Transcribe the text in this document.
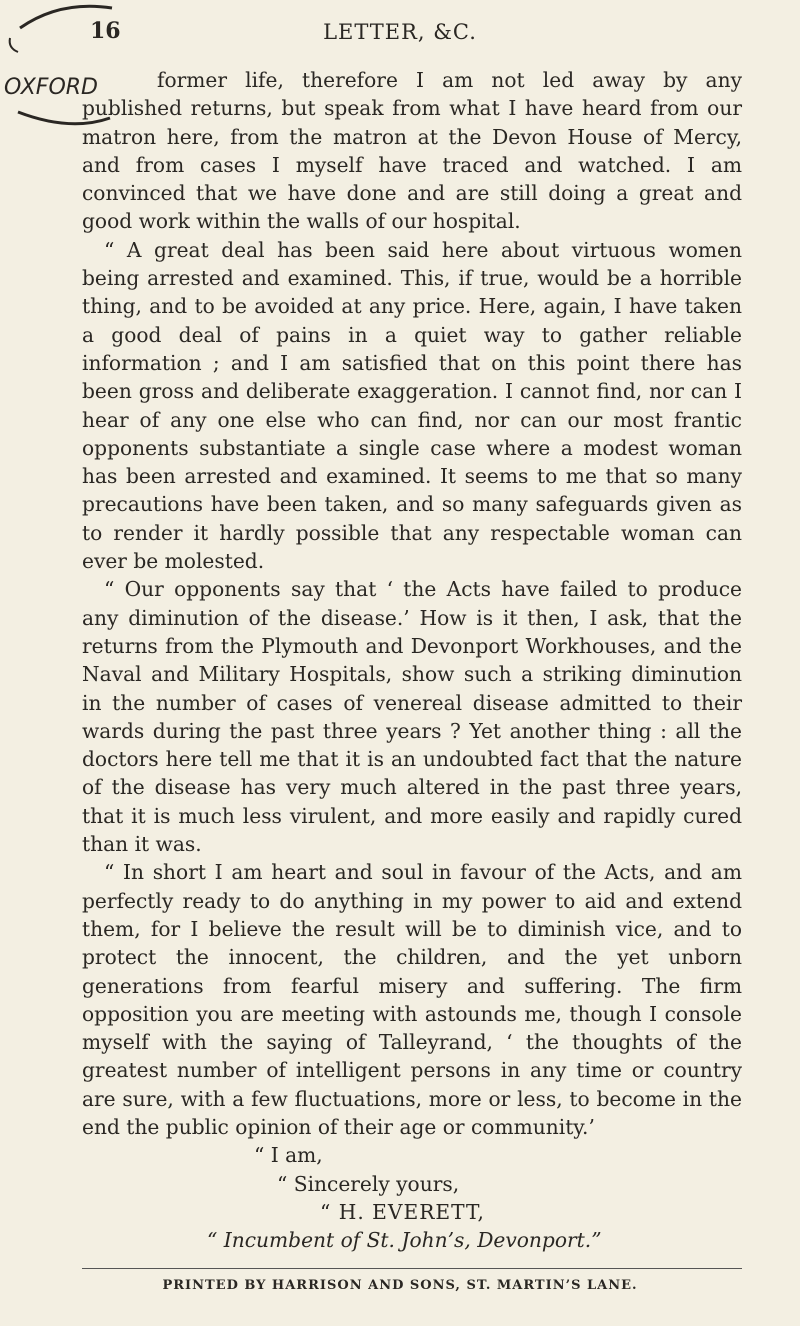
OXFORD
16	LETTER, &C.

former life, therefore I am not led away by any published returns, but speak from what I have heard from our matron here, from the matron at the Devon House of Mercy, and from cases I myself have traced and watched. I am convinced that we have done and are still doing a great and good work within the walls of our hospital.

“ A great deal has been said here about virtuous women being arrested and examined. This, if true, would be a horrible thing, and to be avoided at any price. Here, again, I have taken a good deal of pains in a quiet way to gather reliable information ; and I am satisfied that on this point there has been gross and deliberate exaggeration. I cannot find, nor can I hear of any one else who can find, nor can our most frantic opponents substantiate a single case where a modest woman has been arrested and examined. It seems to me that so many precautions have been taken, and so many safeguards given as to render it hardly possible that any respectable woman can ever be molested.

“ Our opponents say that ‘ the Acts have failed to produce any diminution of the disease.’ How is it then, I ask, that the returns from the Plymouth and Devonport Workhouses, and the Naval and Military Hospitals, show such a striking diminution in the number of cases of venereal disease admitted to their wards during the past three years ? Yet another thing : all the doctors here tell me that it is an undoubted fact that the nature of the disease has very much altered in the past three years, that it is much less virulent, and more easily and rapidly cured than it was.

“ In short I am heart and soul in favour of the Acts, and am perfectly ready to do anything in my power to aid and extend them, for I believe the result will be to diminish vice, and to protect the innocent, the children, and the yet unborn generations from fearful misery and suffering. The firm opposition you are meeting with astounds me, though I console myself with the saying of Talleyrand, ‘ the thoughts of the greatest number of intelligent persons in any time or country are sure, with a few fluctuations, more or less, to become in the end the public opinion of their age or community.’

“ I am,
“ Sincerely yours,
“ H. EVERETT,
“ Incumbent of St. John’s, Devonport.”
PRINTED BY HARRISON AND SONS, ST. MARTIN’S LANE.
